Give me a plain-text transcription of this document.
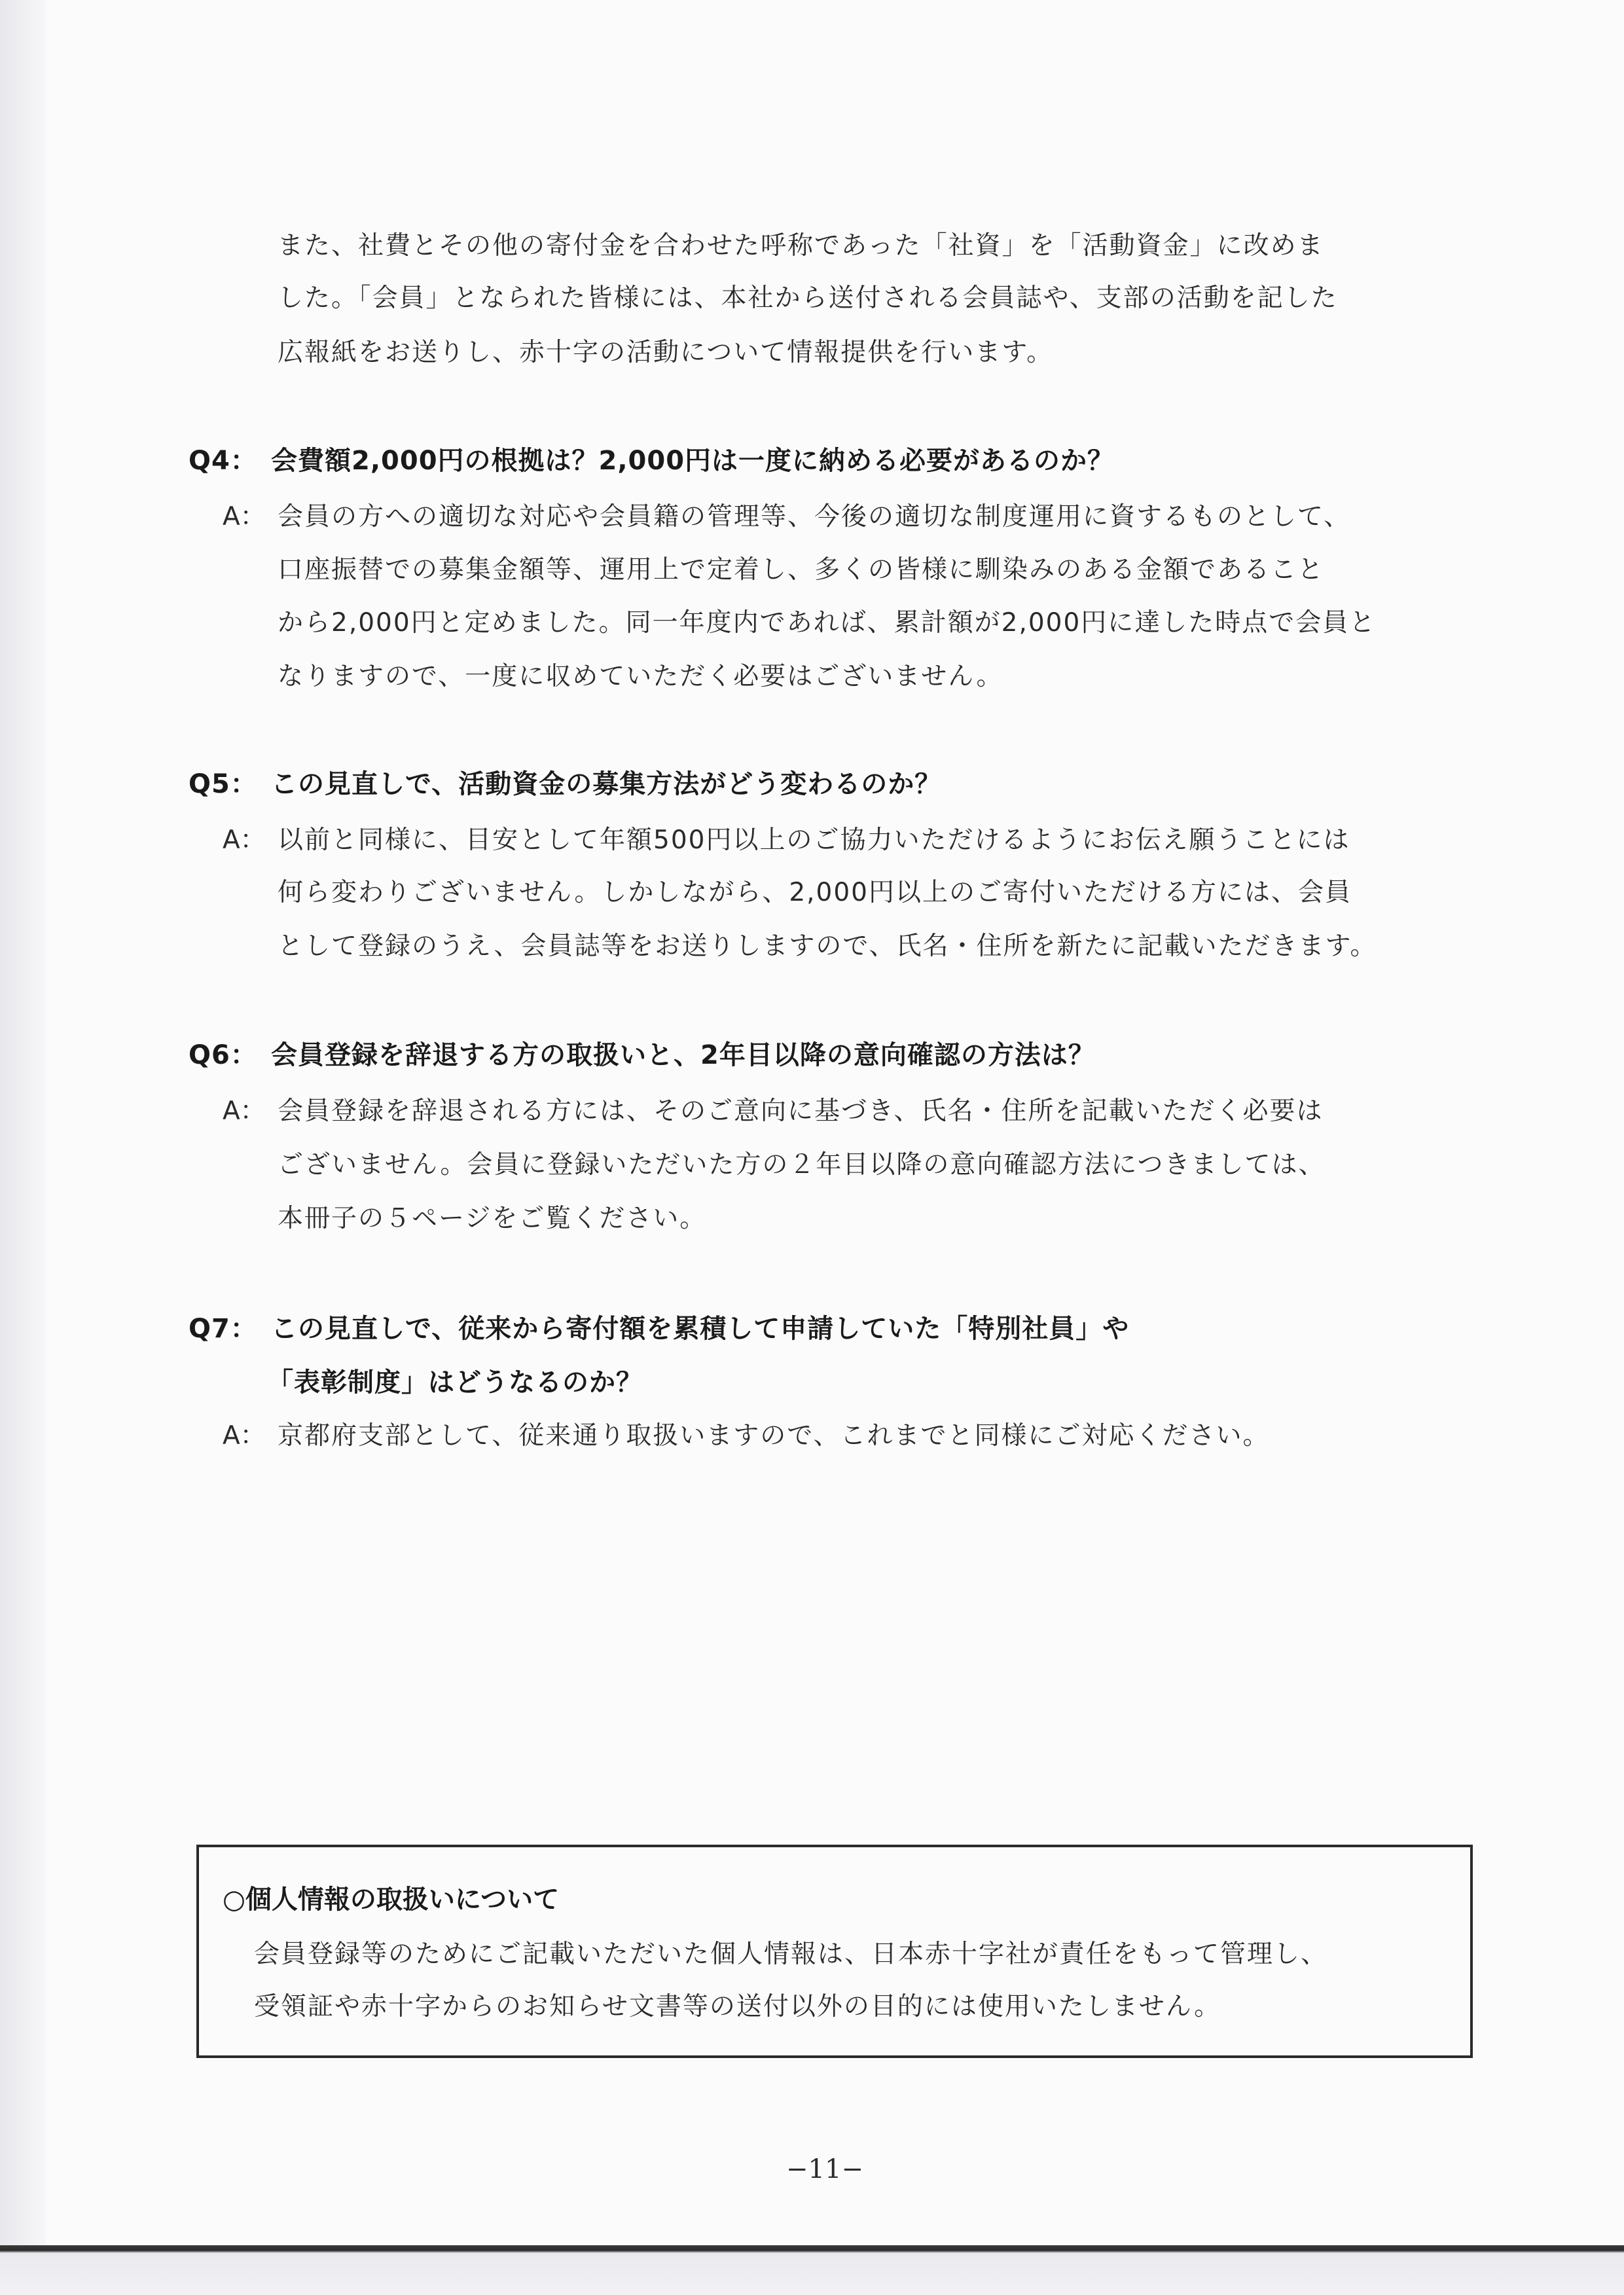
また、社費とその他の寄付金を合わせた呼称であった「社資」を「活動資金」に改めま
した。「会員」となられた皆様には、本社から送付される会員誌や、支部の活動を記した
広報紙をお送りし、赤十字の活動について情報提供を行います。
Q4： 会費額2,000円の根拠は？2,000円は一度に納める必要があるのか？
A： 会員の方への適切な対応や会員籍の管理等、今後の適切な制度運用に資するものとして、
口座振替での募集金額等、運用上で定着し、多くの皆様に馴染みのある金額であること
から2,000円と定めました。同一年度内であれば、累計額が2,000円に達した時点で会員と
なりますので、一度に収めていただく必要はございません。
Q5： この見直しで、活動資金の募集方法がどう変わるのか？
A： 以前と同様に、目安として年額500円以上のご協力いただけるようにお伝え願うことには
何ら変わりございません。しかしながら、2,000円以上のご寄付いただける方には、会員
として登録のうえ、会員誌等をお送りしますので、氏名・住所を新たに記載いただきます。
Q6： 会員登録を辞退する方の取扱いと、2年目以降の意向確認の方法は？
A： 会員登録を辞退される方には、そのご意向に基づき、氏名・住所を記載いただく必要は
ございません。会員に登録いただいた方の２年目以降の意向確認方法につきましては、
本冊子の５ページをご覧ください。
Q7： この見直しで、従来から寄付額を累積して申請していた「特別社員」や
「表彰制度」はどうなるのか？
A： 京都府支部として、従来通り取扱いますので、これまでと同様にご対応ください。
○個人情報の取扱いについて
会員登録等のためにご記載いただいた個人情報は、日本赤十字社が責任をもって管理し、
受領証や赤十字からのお知らせ文書等の送付以外の目的には使用いたしません。
−11−
